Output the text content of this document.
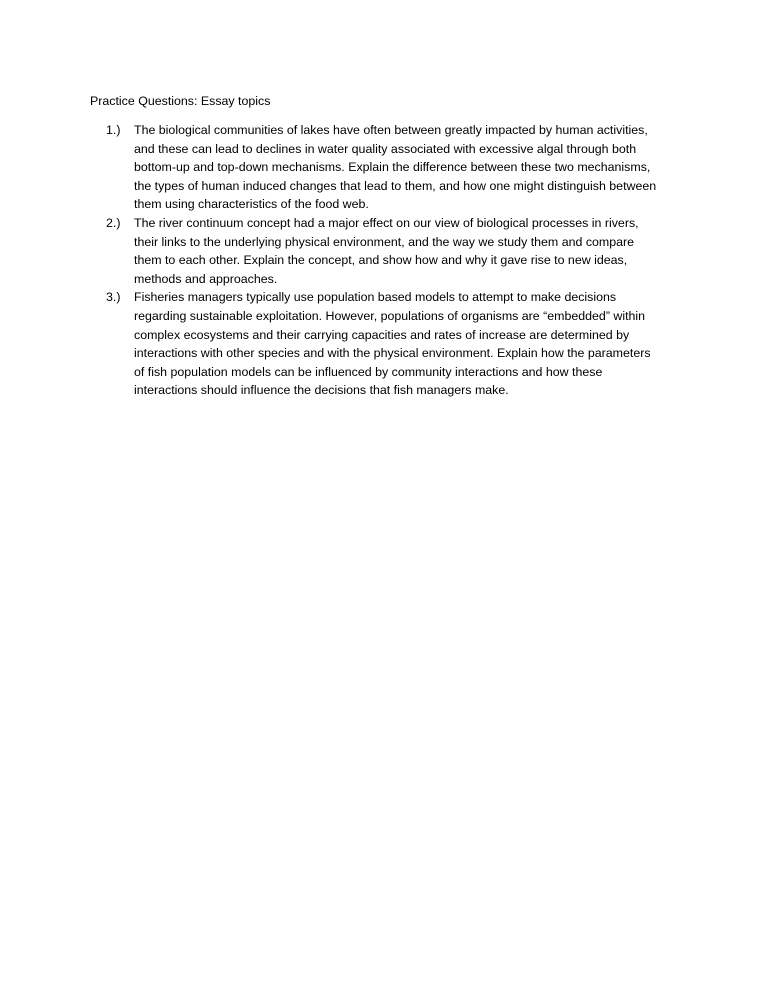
Practice Questions: Essay topics
1.) The biological communities of lakes have often between greatly impacted by human activities,
and these can lead to declines in water quality associated with excessive algal through both
bottom-up and top-down mechanisms. Explain the difference between these two mechanisms,
the types of human induced changes that lead to them, and how one might distinguish between
them using characteristics of the food web.
2.) The river continuum concept had a major effect on our view of biological processes in rivers,
their links to the underlying physical environment, and the way we study them and compare
them to each other. Explain the concept, and show how and why it gave rise to new ideas,
methods and approaches.
3.) Fisheries managers typically use population based models to attempt to make decisions
regarding sustainable exploitation. However, populations of organisms are “embedded” within
complex ecosystems and their carrying capacities and rates of increase are determined by
interactions with other species and with the physical environment. Explain how the parameters
of fish population models can be influenced by community interactions and how these
interactions should influence the decisions that fish managers make.
